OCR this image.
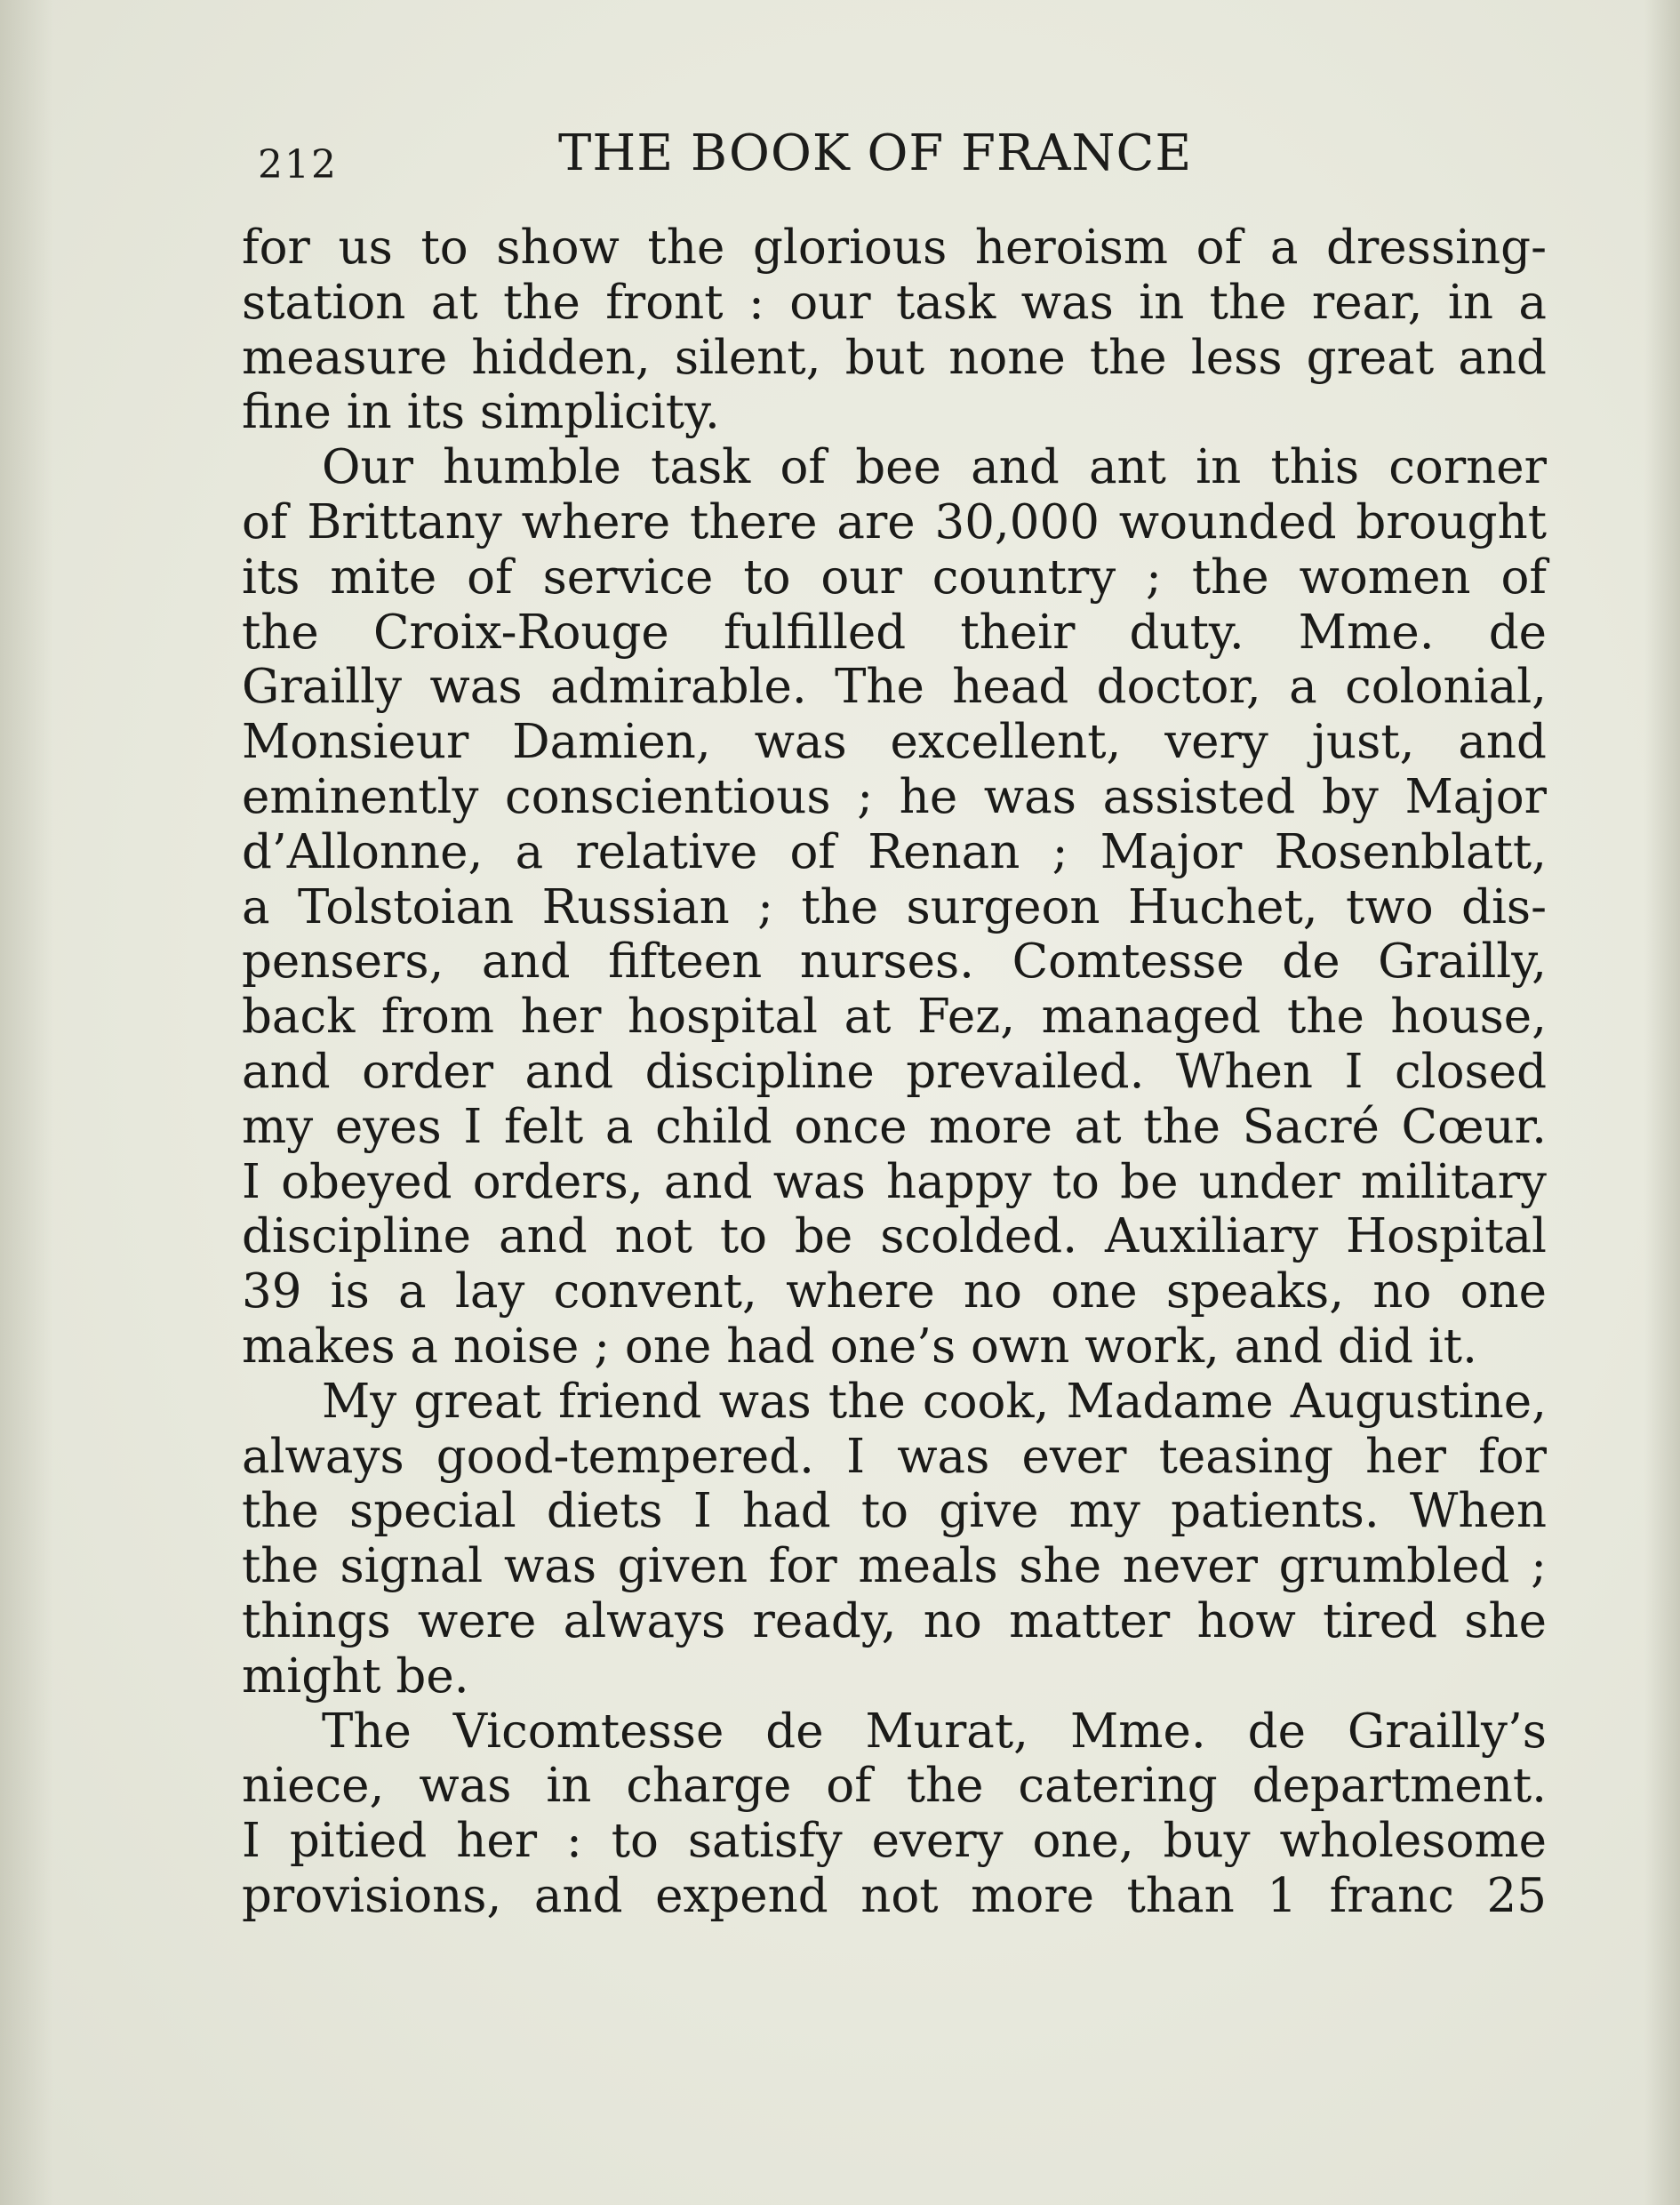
212	THE BOOK OF FRANCE
for us to show the glorious heroism of a dressing-
station at the front : our task was in the rear, in a
measure hidden, silent, but none the less great and
fine in its simplicity.
Our humble task of bee and ant in this corner
of Brittany where there are 30,000 wounded brought
its mite of service to our country ; the women of
the Croix-Rouge fulfilled their duty. Mme. de
Grailly was admirable. The head doctor, a colonial,
Monsieur Damien, was excellent, very just, and
eminently conscientious ; he was assisted by Major
d’Allonne, a relative of Renan ; Major Rosenblatt,
a Tolstoian Russian ; the surgeon Huchet, two dis-
pensers, and fifteen nurses. Comtesse de Grailly,
back from her hospital at Fez, managed the house,
and order and discipline prevailed. When I closed
my eyes I felt a child once more at the Sacré Cœur.
I obeyed orders, and was happy to be under military
discipline and not to be scolded. Auxiliary Hospital
39 is a lay convent, where no one speaks, no one
makes a noise ; one had one’s own work, and did it.
My great friend was the cook, Madame Augustine,
always good-tempered. I was ever teasing her for
the special diets I had to give my patients. When
the signal was given for meals she never grumbled ;
things were always ready, no matter how tired she
might be.
The Vicomtesse de Murat, Mme. de Grailly’s
niece, was in charge of the catering department.
I pitied her : to satisfy every one, buy wholesome
provisions, and expend not more than 1 franc 25
